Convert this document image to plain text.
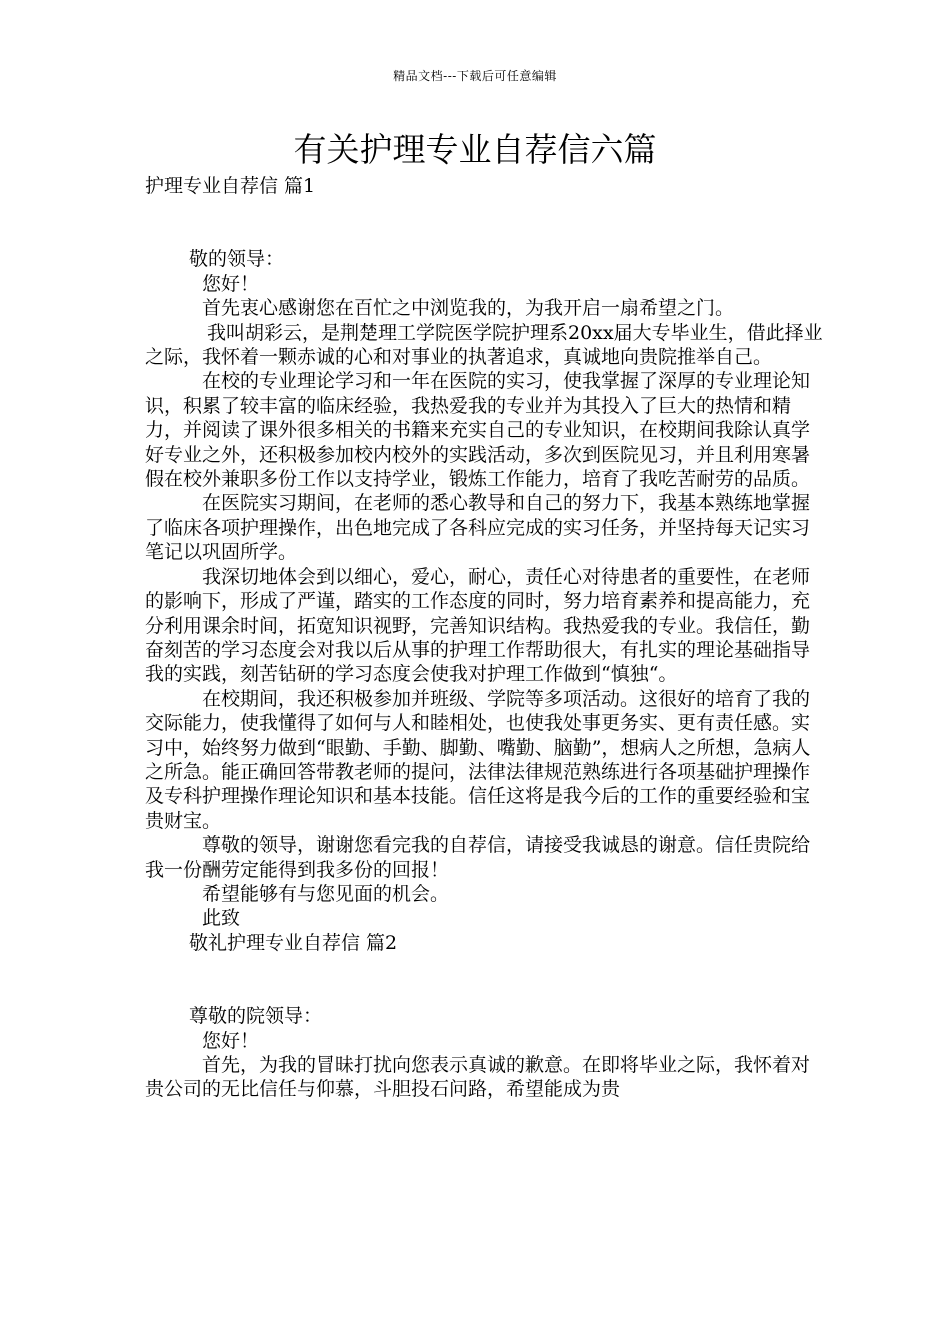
精品文档---下载后可任意编辑
有关护理专业自荐信六篇

护理专业自荐信 篇1

敬的领导：

您好！

首先衷心感谢您在百忙之中浏览我的，为我开启一扇希望之门。

我叫胡彩云，是荆楚理工学院医学院护理系20xx届大专毕业生，借此择业之际，我怀着一颗赤诚的心和对事业的执著追求，真诚地向贵院推举自己。

在校的专业理论学习和一年在医院的实习，使我掌握了深厚的专业理论知识，积累了较丰富的临床经验，我热爱我的专业并为其投入了巨大的热情和精力，并阅读了课外很多相关的书籍来充实自己的专业知识，在校期间我除认真学好专业之外，还积极参加校内校外的实践活动，多次到医院见习，并且利用寒暑假在校外兼职多份工作以支持学业，锻炼工作能力，培育了我吃苦耐劳的品质。

在医院实习期间，在老师的悉心教导和自己的努力下，我基本熟练地掌握了临床各项护理操作，出色地完成了各科应完成的实习任务，并坚持每天记实习笔记以巩固所学。

我深切地体会到以细心，爱心，耐心，责任心对待患者的重要性，在老师的影响下，形成了严谨，踏实的工作态度的同时，努力培育素养和提高能力，充分利用课余时间，拓宽知识视野，完善知识结构。我热爱我的专业。我信任，勤奋刻苦的学习态度会对我以后从事的护理工作帮助很大，有扎实的理论基础指导我的实践，刻苦钻研的学习态度会使我对护理工作做到“慎独“。

在校期间，我还积极参加并班级、学院等多项活动。这很好的培育了我的交际能力，使我懂得了如何与人和睦相处，也使我处事更务实、更有责任感。实习中，始终努力做到“眼勤、手勤、脚勤、嘴勤、脑勤”，想病人之所想，急病人之所急。能正确回答带教老师的提问，法律法律规范熟练进行各项基础护理操作及专科护理操作理论知识和基本技能。信任这将是我今后的工作的重要经验和宝贵财宝。

尊敬的领导，谢谢您看完我的自荐信，请接受我诚恳的谢意。信任贵院给我一份酬劳定能得到我多份的回报！

希望能够有与您见面的机会。

此致

敬礼护理专业自荐信 篇2

尊敬的院领导：

您好！

首先，为我的冒昧打扰向您表示真诚的歉意。在即将毕业之际，我怀着对贵公司的无比信任与仰慕，斗胆投石问路，希望能成为贵
